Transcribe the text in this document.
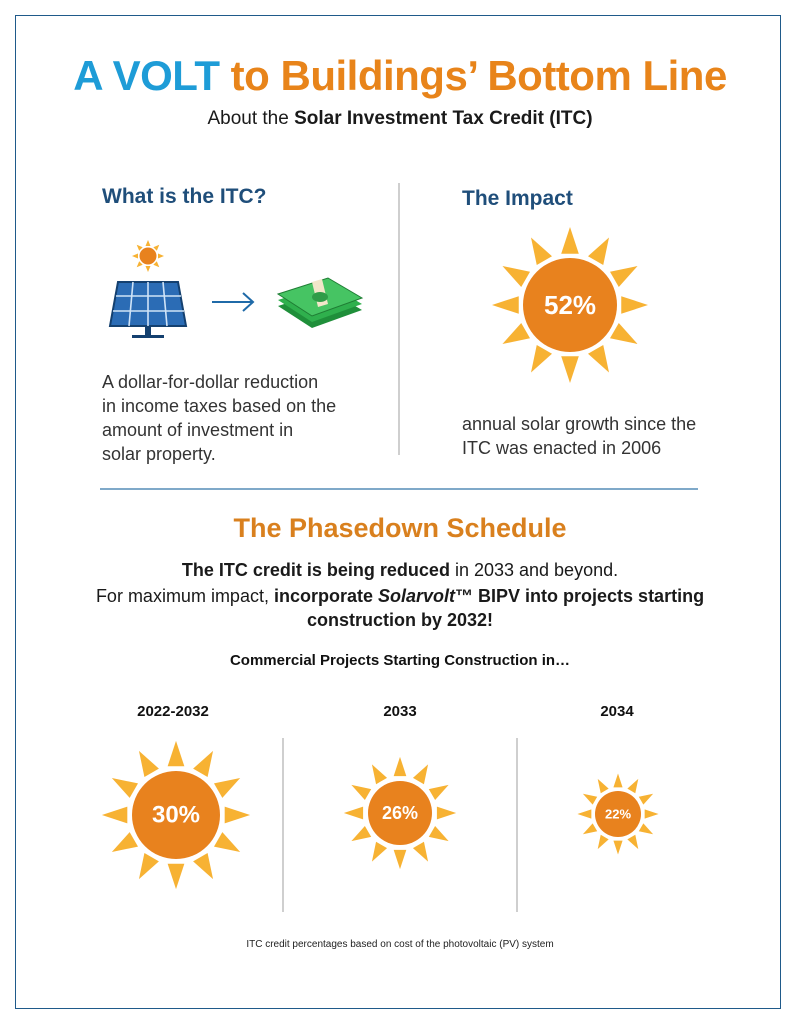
A VOLT to Buildings’ Bottom Line
About the Solar Investment Tax Credit (ITC)
What is the ITC?
A dollar-for-dollar reduction
in income taxes based on the
amount of investment in
solar property.
The Impact
52%
annual solar growth since the
ITC was enacted in 2006
The Phasedown Schedule
The ITC credit is being reduced in 2033 and beyond.
For maximum impact, incorporate Solarvolt™ BIPV into projects starting
construction by 2032!
Commercial Projects Starting Construction in…
2022-2032	2033	2034
30%	26%	22%
ITC credit percentages based on cost of the photovoltaic (PV) system
